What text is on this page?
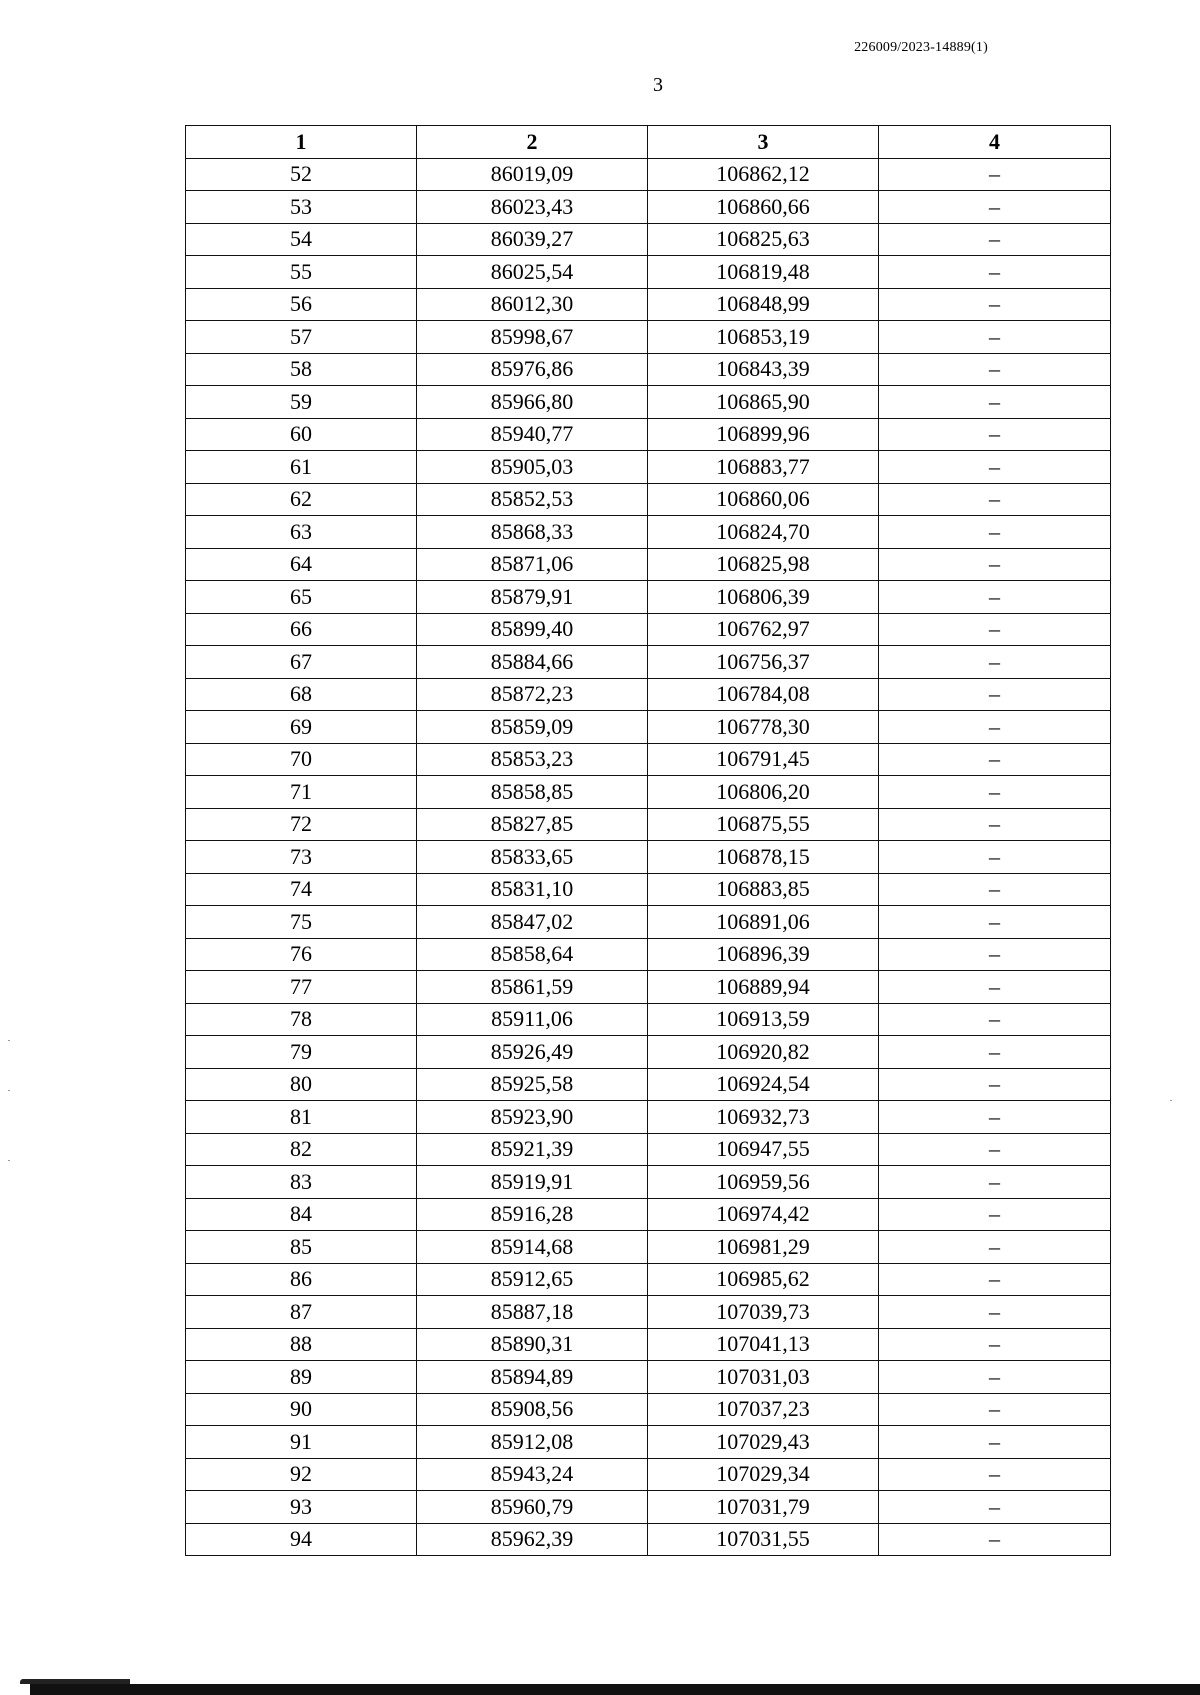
226009/2023-14889(1)
3
1	2	3	4
52	86019,09	106862,12	–
53	86023,43	106860,66	–
54	86039,27	106825,63	–
55	86025,54	106819,48	–
56	86012,30	106848,99	–
57	85998,67	106853,19	–
58	85976,86	106843,39	–
59	85966,80	106865,90	–
60	85940,77	106899,96	–
61	85905,03	106883,77	–
62	85852,53	106860,06	–
63	85868,33	106824,70	–
64	85871,06	106825,98	–
65	85879,91	106806,39	–
66	85899,40	106762,97	–
67	85884,66	106756,37	–
68	85872,23	106784,08	–
69	85859,09	106778,30	–
70	85853,23	106791,45	–
71	85858,85	106806,20	–
72	85827,85	106875,55	–
73	85833,65	106878,15	–
74	85831,10	106883,85	–
75	85847,02	106891,06	–
76	85858,64	106896,39	–
77	85861,59	106889,94	–
78	85911,06	106913,59	–
79	85926,49	106920,82	–
80	85925,58	106924,54	–
81	85923,90	106932,73	–
82	85921,39	106947,55	–
83	85919,91	106959,56	–
84	85916,28	106974,42	–
85	85914,68	106981,29	–
86	85912,65	106985,62	–
87	85887,18	107039,73	–
88	85890,31	107041,13	–
89	85894,89	107031,03	–
90	85908,56	107037,23	–
91	85912,08	107029,43	–
92	85943,24	107029,34	–
93	85960,79	107031,79	–
94	85962,39	107031,55	–
